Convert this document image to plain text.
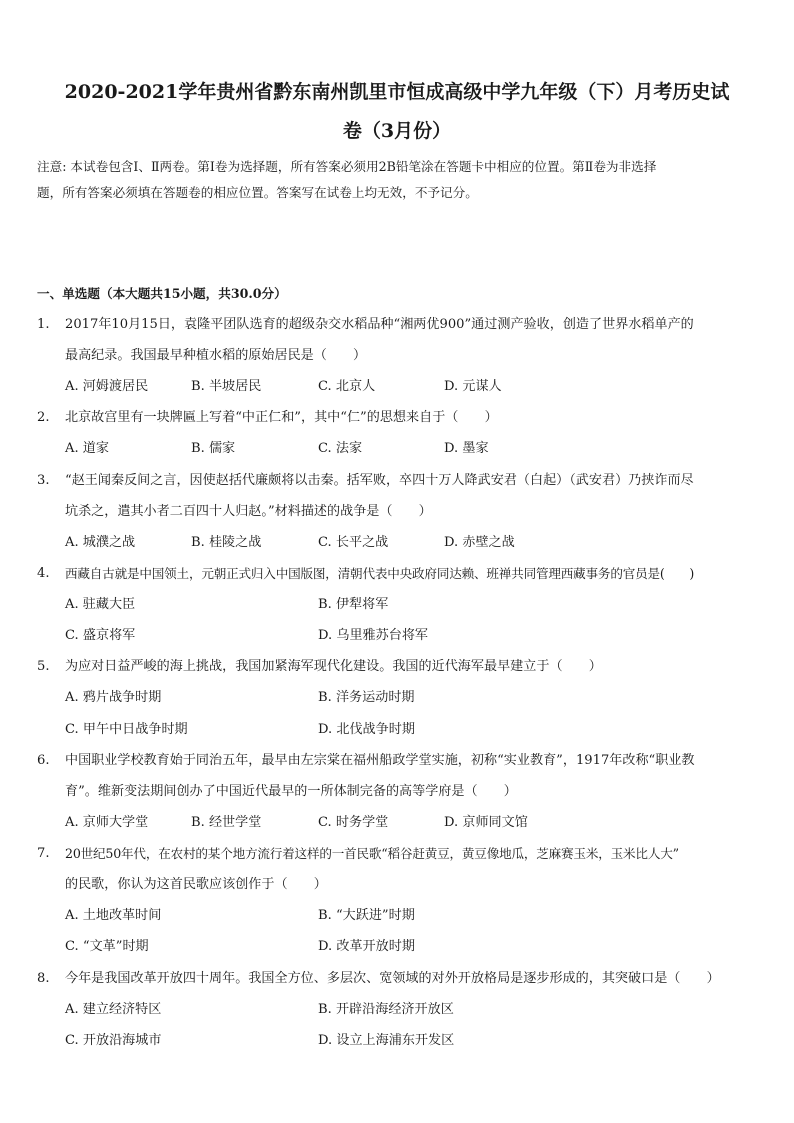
2020-2021学年贵州省黔东南州凯里市恒成高级中学九年级（下）月考历史试
卷（3月份）

注意: 本试卷包含Ⅰ、Ⅱ两卷。第Ⅰ卷为选择题，所有答案必须用2B铅笔涂在答题卡中相应的位置。第Ⅱ卷为非选择

题，所有答案必须填在答题卷的相应位置。答案写在试卷上均无效，不予记分。

一、单选题（本大题共15小题，共30.0分）
1. 2017年10月15日，袁隆平团队选育的超级杂交水稻品种“湘两优900”通过测产验收，创造了世界水稻单产的
最高纪录。我国最早种植水稻的原始居民是（　　）
A. 河姆渡居民	B. 半坡居民	C. 北京人	D. 元谋人
2. 北京故宫里有一块牌匾上写着“中正仁和”，其中“仁”的思想来自于（　　）
A. 道家	B. 儒家	C. 法家	D. 墨家
3. “赵王闻秦反间之言，因使赵括代廉颇将以击秦。括军败，卒四十万人降武安君（白起）（武安君）乃挟诈而尽
坑杀之，遣其小者二百四十人归赵。”材料描述的战争是（　　）
A. 城濮之战	B. 桂陵之战	C. 长平之战	D. 赤壁之战
4. 西藏自古就是中国领土，元朝正式归入中国版图，清朝代表中央政府同达赖、班禅共同管理西藏事务的官员是(　　)
A. 驻藏大臣	B. 伊犁将军
C. 盛京将军	D. 乌里雅苏台将军
5. 为应对日益严峻的海上挑战，我国加紧海军现代化建设。我国的近代海军最早建立于（　　）
A. 鸦片战争时期	B. 洋务运动时期
C. 甲午中日战争时期	D. 北伐战争时期
6. 中国职业学校教育始于同治五年，最早由左宗棠在福州船政学堂实施，初称“实业教育”，1917年改称“职业教
育”。维新变法期间创办了中国近代最早的一所体制完备的高等学府是（　　）
A. 京师大学堂	B. 经世学堂	C. 时务学堂	D. 京师同文馆
7. 20世纪50年代，在农村的某个地方流行着这样的一首民歌“稻谷赶黄豆，黄豆像地瓜，芝麻赛玉米，玉米比人大”
的民歌，你认为这首民歌应该创作于（　　）
A. 土地改革时间	B. “大跃进”时期
C. “文革”时期	D. 改革开放时期
8. 今年是我国改革开放四十周年。我国全方位、多层次、宽领域的对外开放格局是逐步形成的，其突破口是（　　）
A. 建立经济特区	B. 开辟沿海经济开放区
C. 开放沿海城市	D. 设立上海浦东开发区
